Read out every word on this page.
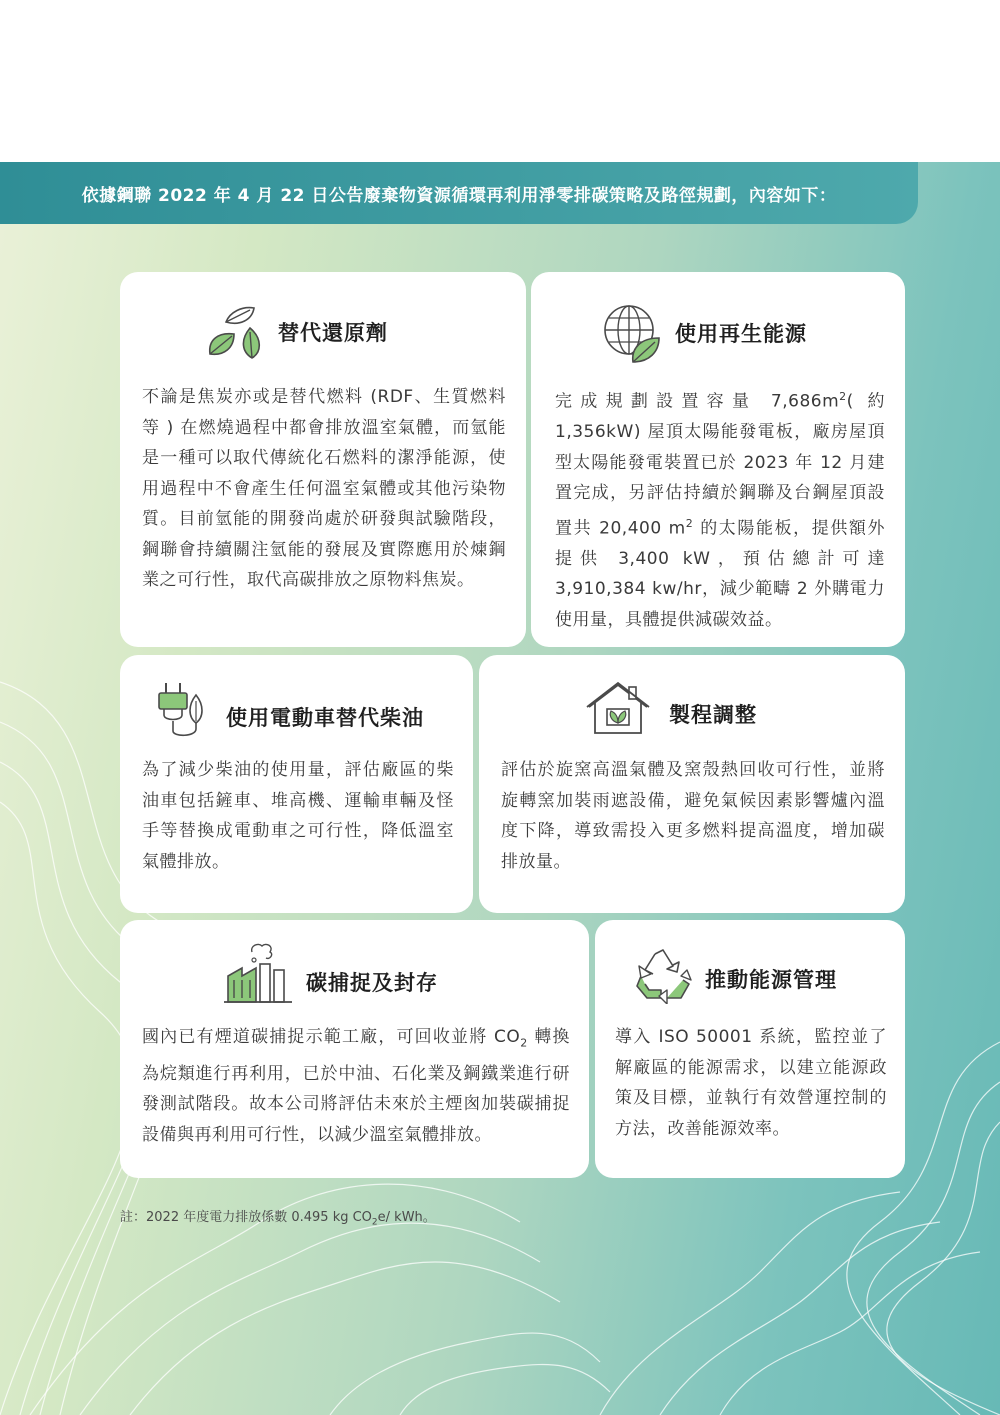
依據鋼聯 2022 年 4 月 22 日公告廢棄物資源循環再利用淨零排碳策略及路徑規劃，內容如下：
替代還原劑
不論是焦炭亦或是替代燃料 (RDF、生質燃料等 ) 在燃燒過程中都會排放溫室氣體，而氫能是一種可以取代傳統化石燃料的潔淨能源，使用過程中不會產生任何溫室氣體或其他污染物質。目前氫能的開發尚處於研發與試驗階段，鋼聯會持續關注氫能的發展及實際應用於煉鋼業之可行性，取代高碳排放之原物料焦炭。
使用再生能源
完成規劃設置容量 $7,686m^2$( 約 1,356kW) 屋頂太陽能發電板，廠房屋頂型太陽能發電裝置已於 2023 年 12 月建置完成，另評估持續於鋼聯及台鋼屋頂設置共 20,400 $m^2$ 的太陽能板，提供額外提供 3,400 kW，預估總計可達 3,910,384 kw/hr，減少範疇 2 外購電力使用量，具體提供減碳效益。
使用電動車替代柴油
為了減少柴油的使用量，評估廠區的柴油車包括鏟車、堆高機、運輸車輛及怪手等替換成電動車之可行性，降低溫室氣體排放。
製程調整
評估於旋窯高溫氣體及窯殼熱回收可行性，並將旋轉窯加裝雨遮設備，避免氣候因素影響爐內溫度下降，導致需投入更多燃料提高溫度，增加碳排放量。
碳捕捉及封存
國內已有煙道碳捕捉示範工廠，可回收並將 $CO_2$ 轉換為烷類進行再利用，已於中油、石化業及鋼鐵業進行研發測試階段。故本公司將評估未來於主煙囪加裝碳捕捉設備與再利用可行性，以減少溫室氣體排放。
推動能源管理
導入 ISO 50001 系統，監控並了解廠區的能源需求，以建立能源政策及目標，並執行有效營運控制的方法，改善能源效率。
註：2022 年度電力排放係數 0.495 kg $CO_2e/$ kWh。
